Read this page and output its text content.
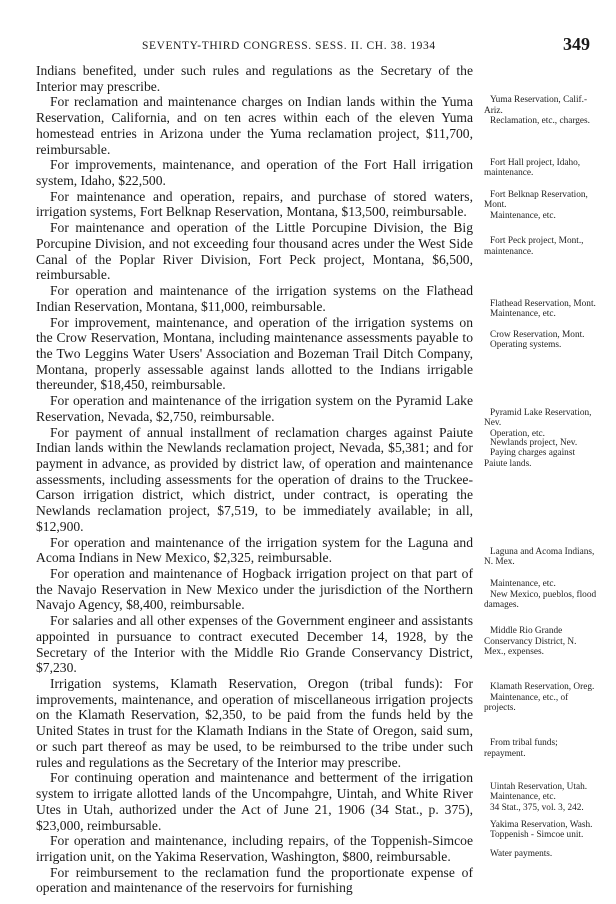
SEVENTY-THIRD CONGRESS. SESS. II. CH. 38. 1934	349

Indians benefited, under such rules and regulations as the Secretary of the Interior may prescribe.

For reclamation and maintenance charges on Indian lands within the Yuma Reservation, California, and on ten acres within each of the eleven Yuma homestead entries in Arizona under the Yuma reclamation project, $11,700, reimbursable.

For improvements, maintenance, and operation of the Fort Hall irrigation system, Idaho, $22,500.

For maintenance and operation, repairs, and purchase of stored waters, irrigation systems, Fort Belknap Reservation, Montana, $13,500, reimbursable.

For maintenance and operation of the Little Porcupine Division, the Big Porcupine Division, and not exceeding four thousand acres under the West Side Canal of the Poplar River Division, Fort Peck project, Montana, $6,500, reimbursable.

For operation and maintenance of the irrigation systems on the Flathead Indian Reservation, Montana, $11,000, reimbursable.

For improvement, maintenance, and operation of the irrigation systems on the Crow Reservation, Montana, including maintenance assessments payable to the Two Leggins Water Users' Association and Bozeman Trail Ditch Company, Montana, properly assessable against lands allotted to the Indians irrigable thereunder, $18,450, reimbursable.

For operation and maintenance of the irrigation system on the Pyramid Lake Reservation, Nevada, $2,750, reimbursable.

For payment of annual installment of reclamation charges against Paiute Indian lands within the Newlands reclamation project, Nevada, $5,381; and for payment in advance, as provided by district law, of operation and maintenance assessments, including assessments for the operation of drains to the Truckee-Carson irrigation district, which district, under contract, is operating the Newlands reclamation project, $7,519, to be immediately available; in all, $12,900.

For operation and maintenance of the irrigation system for the Laguna and Acoma Indians in New Mexico, $2,325, reimbursable.

For operation and maintenance of Hogback irrigation project on that part of the Navajo Reservation in New Mexico under the jurisdiction of the Northern Navajo Agency, $8,400, reimbursable.

For salaries and all other expenses of the Government engineer and assistants appointed in pursuance to contract executed December 14, 1928, by the Secretary of the Interior with the Middle Rio Grande Conservancy District, $7,230.

Irrigation systems, Klamath Reservation, Oregon (tribal funds): For improvements, maintenance, and operation of miscellaneous irrigation projects on the Klamath Reservation, $2,350, to be paid from the funds held by the United States in trust for the Klamath Indians in the State of Oregon, said sum, or such part thereof as may be used, to be reimbursed to the tribe under such rules and regulations as the Secretary of the Interior may prescribe.

For continuing operation and maintenance and betterment of the irrigation system to irrigate allotted lands of the Uncompahgre, Uintah, and White River Utes in Utah, authorized under the Act of June 21, 1906 (34 Stat., p. 375), $23,000, reimbursable.

For operation and maintenance, including repairs, of the Toppenish-Simcoe irrigation unit, on the Yakima Reservation, Washington, $800, reimbursable.

For reimbursement to the reclamation fund the proportionate expense of operation and maintenance of the reservoirs for furnishing

Yuma Reservation, Calif.-Ariz.
Reclamation, etc., charges.
Fort Hall project, Idaho, maintenance.
Fort Belknap Reservation, Mont.
Maintenance, etc.
Fort Peck project, Mont., maintenance.
Flathead Reservation, Mont.
Maintenance, etc.
Crow Reservation, Mont.
Operating systems.
Pyramid Lake Reservation, Nev.
Operation, etc.
Newlands project, Nev.
Paying charges against Paiute lands.
Laguna and Acoma Indians, N. Mex.
Maintenance, etc.
New Mexico, pueblos, flood damages.
Middle Rio Grande Conservancy District, N. Mex., expenses.
Klamath Reservation, Oreg.
Maintenance, etc., of projects.
From tribal funds; repayment.
Uintah Reservation, Utah.
Maintenance, etc.
34 Stat., 375, vol. 3, 242.
Yakima Reservation, Wash.
Toppenish - Simcoe unit.
Water payments.
